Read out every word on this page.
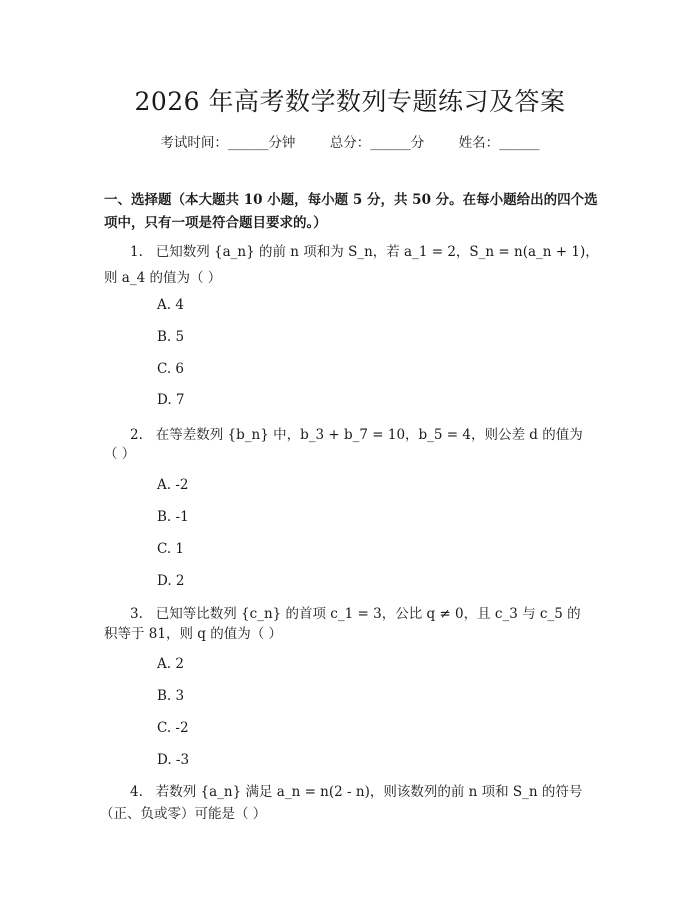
2026 年高考数学数列专题练习及答案
考试时间：______分钟	总分：______分	姓名：______
一、选择题（本大题共 10 小题，每小题 5 分，共 50 分。在每小题给出的四个选
项中，只有一项是符合题目要求的。）
1.   已知数列 {a_n} 的前 n 项和为 S_n，若 a_1 = 2，S_n = n(a_n + 1)，
则 a_4 的值为（ ）
A. 4
B. 5
C. 6
D. 7
2.   在等差数列 {b_n} 中，b_3 + b_7 = 10，b_5 = 4，则公差 d 的值为
（ ）
A. -2
B. -1
C. 1
D. 2
3.   已知等比数列 {c_n} 的首项 c_1 = 3，公比 q ≠ 0，且 c_3 与 c_5 的
积等于 81，则 q 的值为（ ）
A. 2
B. 3
C. -2
D. -3
4.   若数列 {a_n} 满足 a_n = n(2 - n)，则该数列的前 n 项和 S_n 的符号
（正、负或零）可能是（ ）
